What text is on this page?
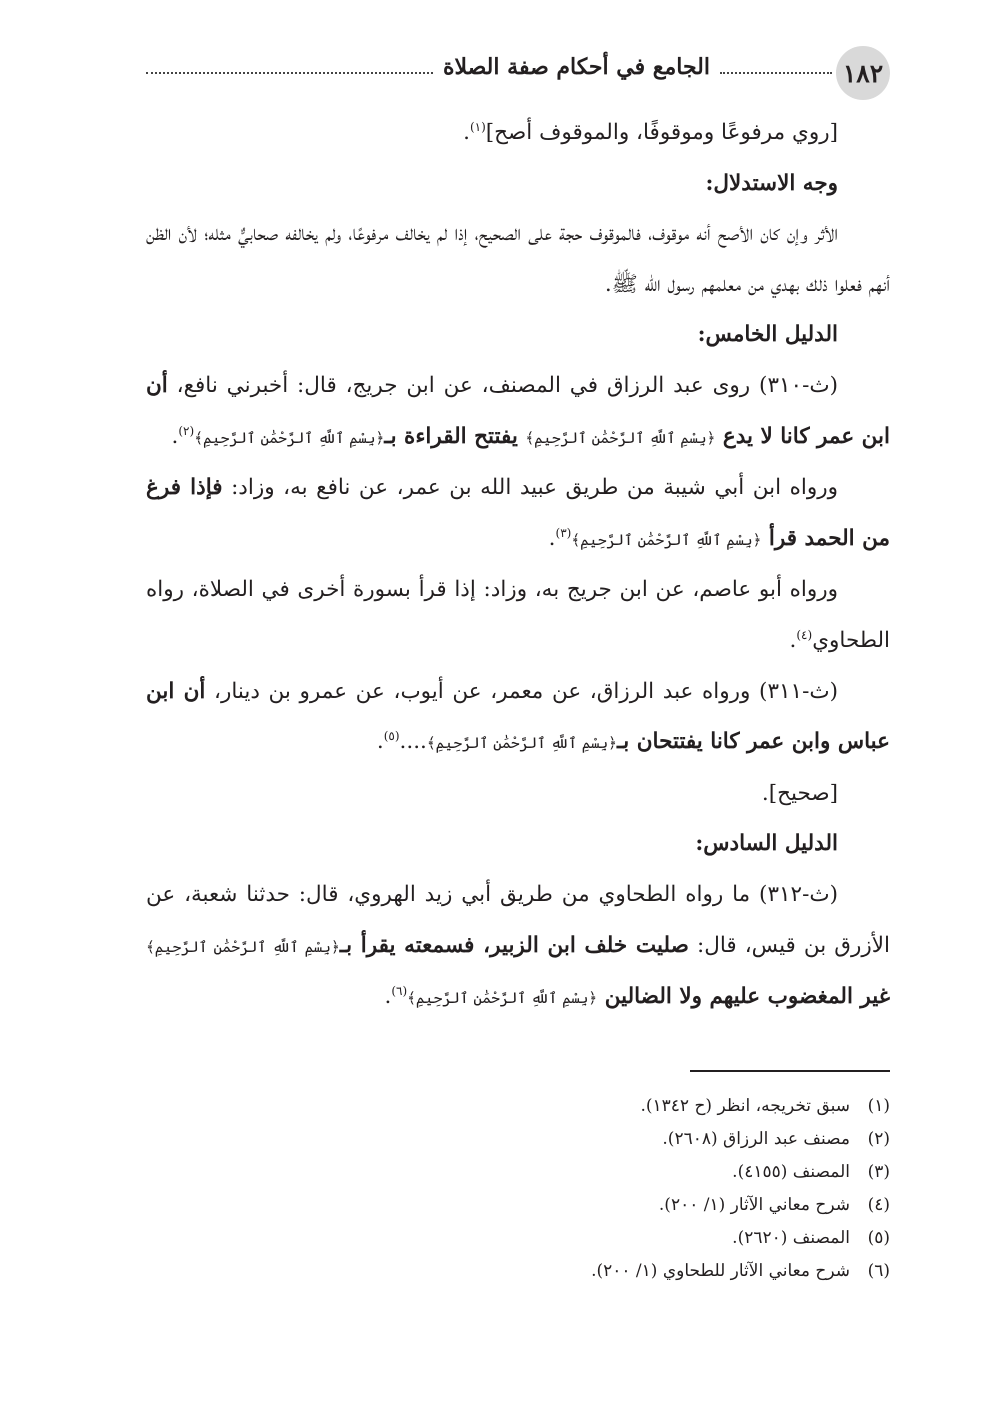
١٨٢
الجامع في أحكام صفة الصلاة

[روي مرفوعًا وموقوفًا، والموقوف أصح]$^{(١)}$.

وجه الاستدلال:

الأثر وإن كان الأصح أنه موقوف، فالموقوف حجة على الصحيح، إذا لم يخالف مرفوعًا، ولم يخالفه صحابيٌّ مثله؛ لأن الظن أنهم فعلوا ذلك بهدي من معلمهم رسول الله ﷺ.

الدليل الخامس:

(ث-٣١٠) روى عبد الرزاق في المصنف، عن ابن جريج، قال: أخبرني نافع، أن ابن عمر كانا لا يدع ﴿بِسْمِ ٱللَّهِ ٱلرَّحْمَٰنِ ٱلرَّحِيمِ﴾ يفتتح القراءة بـ﴿بِسْمِ ٱللَّهِ ٱلرَّحْمَٰنِ ٱلرَّحِيمِ﴾$^{(٢)}$.

ورواه ابن أبي شيبة من طريق عبيد الله بن عمر، عن نافع به، وزاد: فإذا فرغ من الحمد قرأ ﴿بِسْمِ ٱللَّهِ ٱلرَّحْمَٰنِ ٱلرَّحِيمِ﴾$^{(٣)}$.

ورواه أبو عاصم، عن ابن جريج به، وزاد: إذا قرأ بسورة أخرى في الصلاة، رواه الطحاوي$^{(٤)}$.

(ث-٣١١) ورواه عبد الرزاق، عن معمر، عن أيوب، عن عمرو بن دينار، أن ابن عباس وابن عمر كانا يفتتحان بـ﴿بِسْمِ ٱللَّهِ ٱلرَّحْمَٰنِ ٱلرَّحِيمِ﴾....$^{(٥)}$.

[صحيح].

الدليل السادس:

(ث-٣١٢) ما رواه الطحاوي من طريق أبي زيد الهروي، قال: حدثنا شعبة، عن الأزرق بن قيس، قال: صليت خلف ابن الزبير، فسمعته يقرأ بـ﴿بِسْمِ ٱللَّهِ ٱلرَّحْمَٰنِ ٱلرَّحِيمِ﴾ غير المغضوب عليهم ولا الضالين ﴿بِسْمِ ٱللَّهِ ٱلرَّحْمَٰنِ ٱلرَّحِيمِ﴾$^{(٦)}$.

(١)
سبق تخريجه، انظر (ح ١٣٤٢).
(٢)
مصنف عبد الرزاق (٢٦٠٨).
(٣)
المصنف (٤١٥٥).
(٤)
شرح معاني الآثار (١/ ٢٠٠).
(٥)
المصنف (٢٦٢٠).
(٦)
شرح معاني الآثار للطحاوي (١/ ٢٠٠).
